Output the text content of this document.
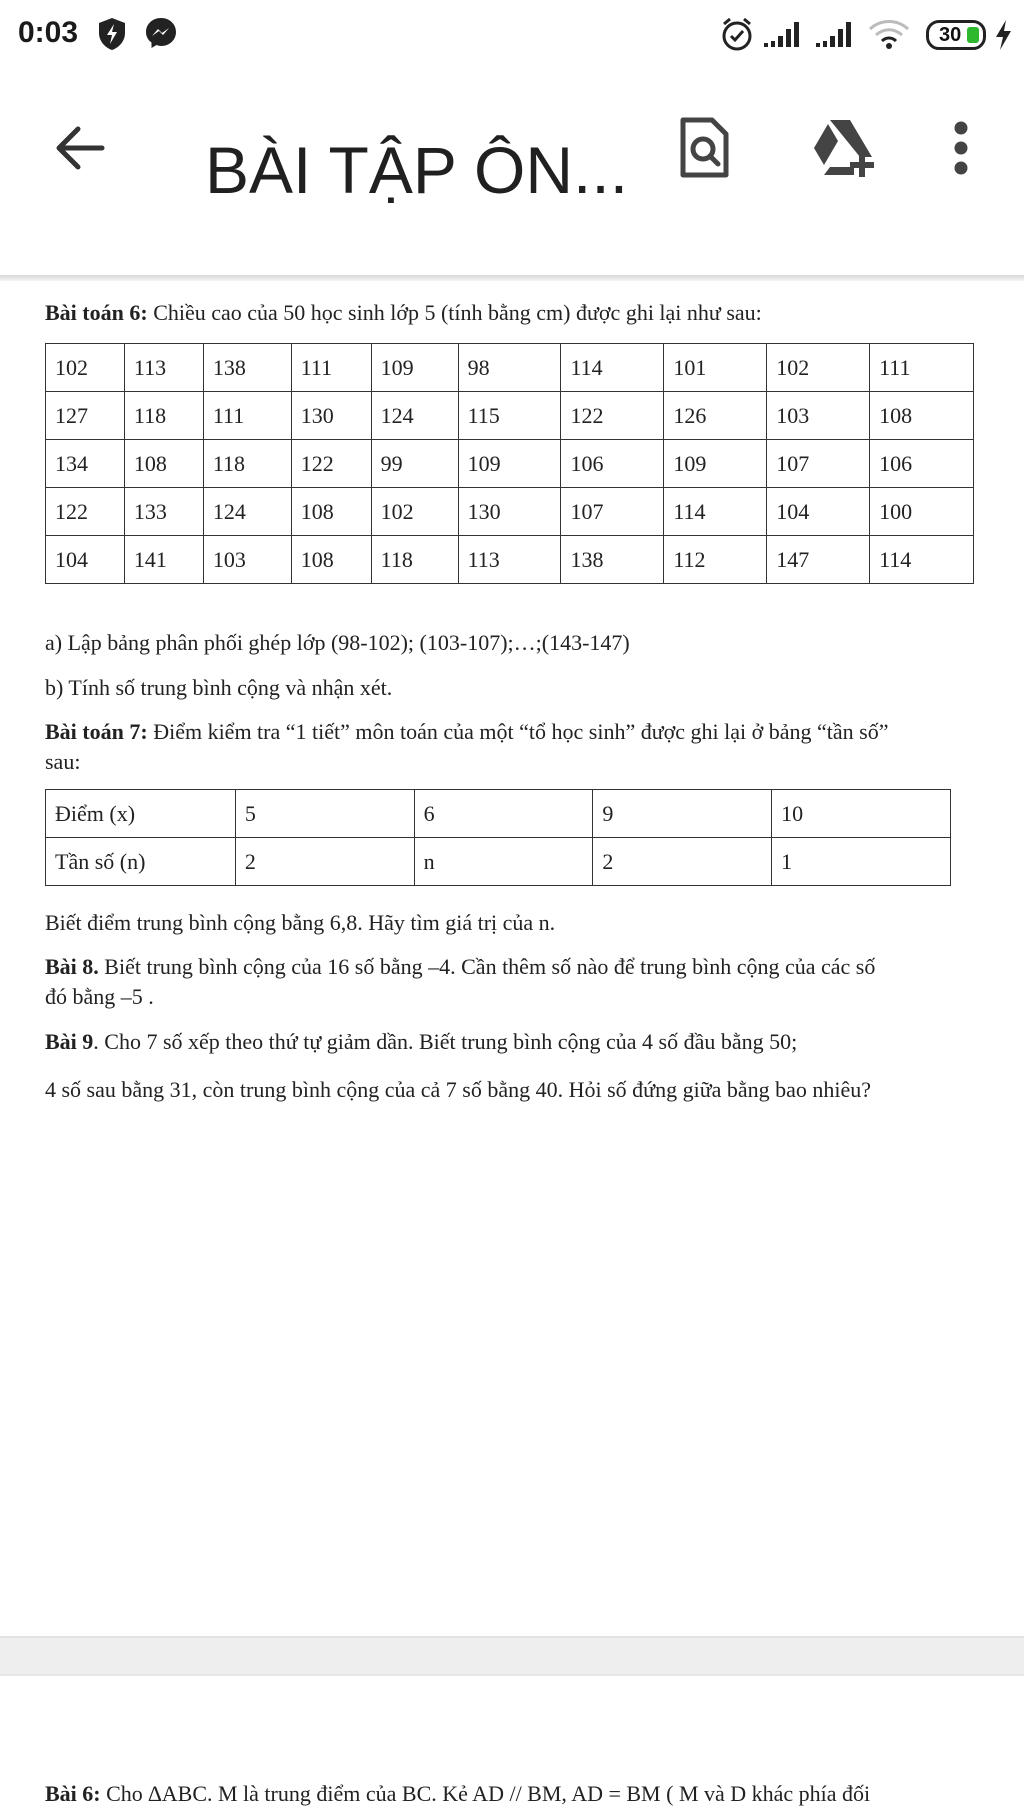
0:03	30
BÀI TẬP ÔN...

Bài toán 6: Chiều cao của 50 học sinh lớp 5 (tính bằng cm) được ghi lại như sau:

102	113	138	111	109	98	114	101	102	111
127	118	111	130	124	115	122	126	103	108
134	108	118	122	99	109	106	109	107	106
122	133	124	108	102	130	107	114	104	100
104	141	103	108	118	113	138	112	147	114

a) Lập bảng phân phối ghép lớp (98-102); (103-107);…;(143-147)

b) Tính số trung bình cộng và nhận xét.

Bài toán 7: Điểm kiểm tra “1 tiết” môn toán của một “tổ học sinh” được ghi lại ở bảng “tần số”

sau:

Điểm (x)	5	6	9	10
Tần số (n)	2	n	2	1

Biết điểm trung bình cộng bằng 6,8. Hãy tìm giá trị của n.

Bài 8. Biết trung bình cộng của 16 số bằng –4. Cần thêm số nào để trung bình cộng của các số

đó bằng –5 .

Bài 9. Cho 7 số xếp theo thứ tự giảm dần. Biết trung bình cộng của 4 số đầu bằng 50;

4 số sau bằng 31, còn trung bình cộng của cả 7 số bằng 40. Hỏi số đứng giữa bằng bao nhiêu?

Bài 6: Cho ∆ABC. M là trung điểm của BC. Kẻ AD // BM, AD = BM ( M và D khác phía đối
